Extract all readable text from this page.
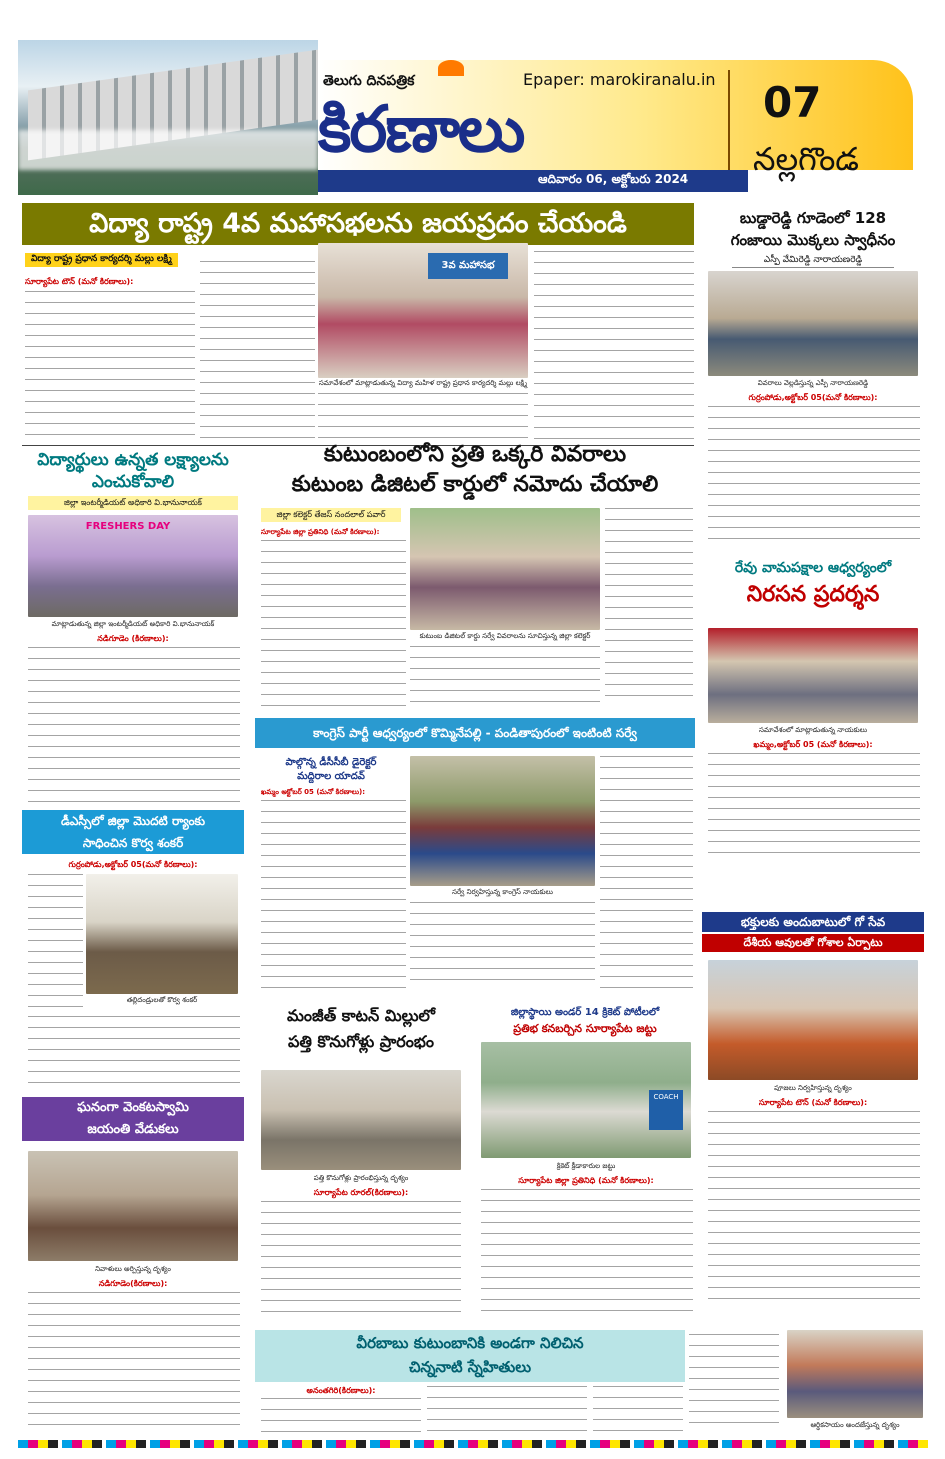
తెలుగు దినపత్రిక	Epaper: marokiranalu.in
కిరణాలు	07
నల్లగొండ
ఆదివారం 06, అక్టోబరు 2024
విద్యా రాష్ట్ర 4వ మహాసభలను జయప్రదం చేయండి
విద్యా రాష్ట్ర ప్రధాన కార్యదర్శి మల్లు లక్ష్మి
సూర్యాపేట టౌన్ (మనో కిరణాలు):
3వ మహాసభ
సమావేశంలో మాట్లాడుతున్న విద్యా మహిళ రాష్ట్ర ప్రధాన కార్యదర్శి మల్లు లక్ష్మి
బుడ్డారెడ్డి గూడెంలో 128
గంజాయి మొక్కలు స్వాధీనం
ఎస్పీ వేమిరెడ్డి నారాయణరెడ్డి
వివరాలు వెల్లడిస్తున్న ఎస్పీ నారాయణరెడ్డి
గుర్రంపోడు,అక్టోబర్ 05(మనో కిరణాలు):
విద్యార్థులు ఉన్నత లక్ష్యాలను
ఎంచుకోవాలి
జిల్లా ఇంటర్మీడియట్ అధికారి వి.భానునాయక్
FRESHERS DAY
మాట్లాడుతున్న జిల్లా ఇంటర్మీడియట్ అధికారి వి.భానునాయక్
నడిగూడెం (కిరణాలు):
కుటుంబంలోని ప్రతి ఒక్కరి వివరాలు
కుటుంబ డిజిటల్ కార్డులో నమోదు చేయాలి
జిల్లా కలెక్టర్ తేజస్ నందలాల్ పవార్
సూర్యాపేట జిల్లా ప్రతినిధి (మనో కిరణాలు):
కుటుంబ డిజిటల్ కార్డు సర్వే వివరాలను సూచిస్తున్న జిల్లా కలెక్టర్
రేవు వామపక్షాల ఆధ్వర్యంలో
నిరసన ప్రదర్శన
సమావేశంలో మాట్లాడుతున్న నాయకులు
ఖమ్మం,అక్టోబర్ 05 (మనో కిరణాలు):
కాంగ్రెస్ పార్టీ ఆధ్వర్యంలో కొమ్మినేపల్లి - పండితాపురంలో ఇంటింటి సర్వే
పాల్గొన్న డీసీసీబీ డైరెక్టర్
మద్దిరాల యాదవ్
ఖమ్మం అక్టోబర్ 05 (మనో కిరణాలు):
సర్వే నిర్వహిస్తున్న కాంగ్రెస్ నాయకులు
డీఎస్సీలో జిల్లా మొదటి ర్యాంకు
సాధించిన కొర్వ శంకర్
గుర్రంపోడు,అక్టోబర్ 05(మనో కిరణాలు):
తల్లిదండ్రులతో కొర్వ శంకర్
భక్తులకు అందుబాటులో గో సేవ
దేశీయ ఆవులతో గోశాల ఏర్పాటు
పూజలు నిర్వహిస్తున్న దృశ్యం
సూర్యాపేట టౌన్ (మనో కిరణాలు):
మంజీత్ కాటన్ మిల్లులో
పత్తి కొనుగోళ్లు ప్రారంభం
పత్తి కొనుగోళ్లు ప్రారంభిస్తున్న దృశ్యం
సూర్యాపేట రూరల్(కిరణాలు):
జిల్లాస్థాయి అండర్ 14 క్రికెట్ పోటీలలో
ప్రతిభ కనబర్చిన సూర్యాపేట జట్టు
COACH
క్రికెట్ క్రీడాకారుల జట్టు
సూర్యాపేట జిల్లా ప్రతినిధి (మనో కిరణాలు):
ఘనంగా వెంకటస్వామి
జయంతి వేడుకలు
నివాళులు అర్పిస్తున్న దృశ్యం
నడిగూడెం(కిరణాలు):
వీరబాబు కుటుంబానికి అండగా నిలిచిన
చిన్ననాటి స్నేహితులు
అనంతగిరి(కిరణాలు):
ఆర్థికసాయం అందజేస్తున్న దృశ్యం
